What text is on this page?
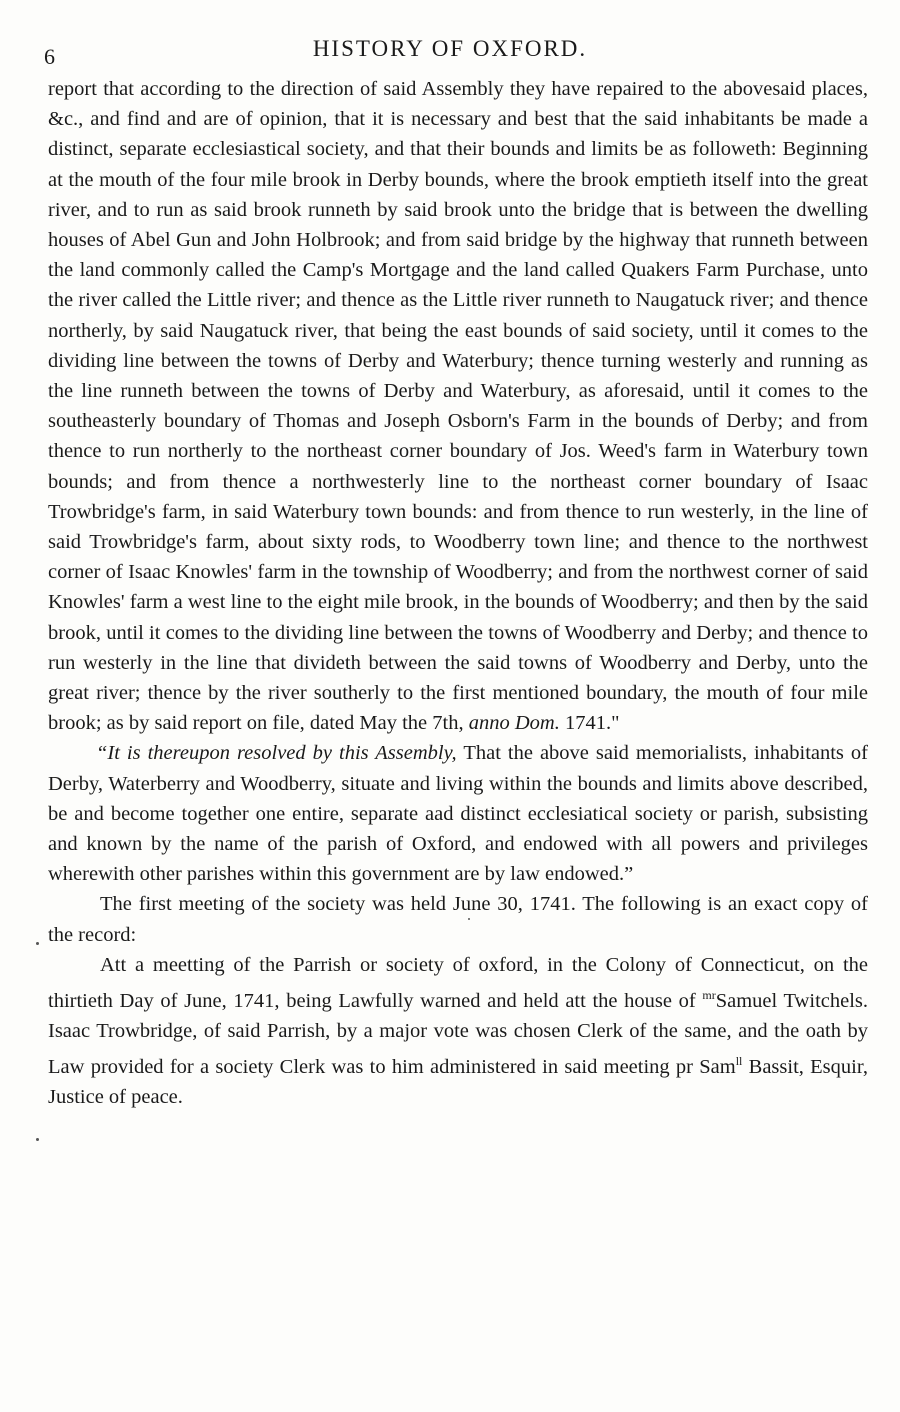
6	HISTORY OF OXFORD.

report that according to the direction of said Assembly they have repaired to the abovesaid places, &c., and find and are of opinion, that it is necessary and best that the said inhabitants be made a distinct, separate ecclesiastical society, and that their bounds and limits be as followeth: Beginning at the mouth of the four mile brook in Derby bounds, where the brook emptieth itself into the great river, and to run as said brook runneth by said brook unto the bridge that is between the dwelling houses of Abel Gun and John Holbrook; and from said bridge by the highway that runneth between the land commonly called the Camp's Mortgage and the land called Quakers Farm Purchase, unto the river called the Little river; and thence as the Little river runneth to Naugatuck river; and thence northerly, by said Naugatuck river, that being the east bounds of said society, until it comes to the dividing line between the towns of Derby and Waterbury; thence turning westerly and running as the line runneth between the towns of Derby and Waterbury, as aforesaid, until it comes to the southeasterly boundary of Thomas and Joseph Osborn's Farm in the bounds of Derby; and from thence to run northerly to the northeast corner boundary of Jos. Weed's farm in Waterbury town bounds; and from thence a northwesterly line to the northeast corner boundary of Isaac Trowbridge's farm, in said Waterbury town bounds: and from thence to run westerly, in the line of said Trowbridge's farm, about sixty rods, to Woodberry town line; and thence to the northwest corner of Isaac Knowles' farm in the township of Woodberry; and from the northwest corner of said Knowles' farm a west line to the eight mile brook, in the bounds of Woodberry; and then by the said brook, until it comes to the dividing line between the towns of Woodberry and Derby; and thence to run westerly in the line that divideth between the said towns of Woodberry and Derby, unto the great river; thence by the river southerly to the first mentioned boundary, the mouth of four mile brook; as by said report on file, dated May the 7th, anno Dom. 1741."

“It is thereupon resolved by this Assembly, That the above said memorialists, inhabitants of Derby, Waterberry and Woodberry, situate and living within the bounds and limits above described, be and become together one entire, separate aad distinct ecclesiatical society or parish, subsisting and known by the name of the parish of Oxford, and endowed with all powers and privileges wherewith other parishes within this government are by law endowed.”

The first meeting of the society was held June 30, 1741. The following is an exact copy of the record:

Att a meetting of the Parrish or society of oxford, in the Colony of Connecticut, on the thirtieth Day of June, 1741, being Lawfully warned and held att the house of $^{mr}$Samuel Twitchels. Isaac Trowbridge, of said Parrish, by a major vote was chosen Clerk of the same, and the oath by Law provided for a society Clerk was to him administered in said meeting pr Sam$^{ll}$ Bassit, Esquir, Justice of peace.
